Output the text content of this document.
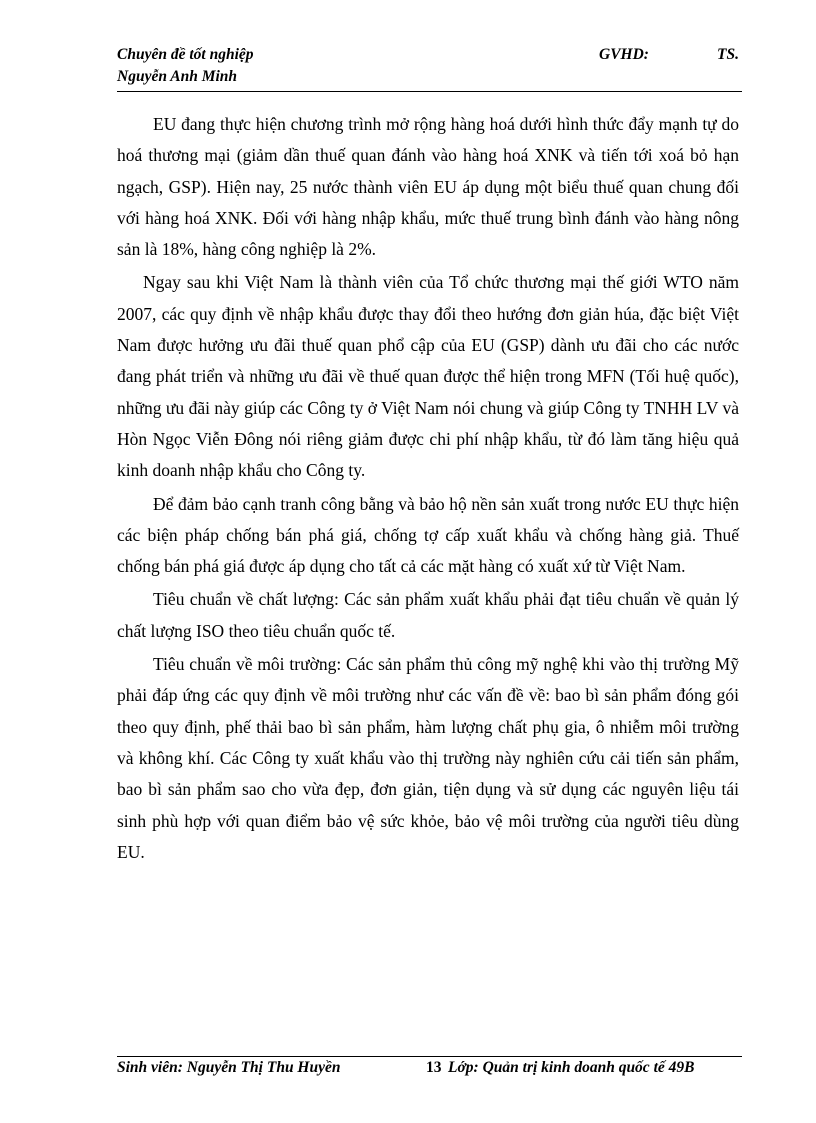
Chuyên đề tốt nghiệp	GVHD:	TS.
Nguyễn Anh Minh

EU đang thực hiện chương trình mở rộng hàng hoá dưới hình thức đẩy mạnh tự do hoá thương mại (giảm dần thuế quan đánh vào hàng hoá XNK và tiến tới xoá bỏ hạn ngạch, GSP). Hiện nay, 25 nước thành viên EU áp dụng một biểu thuế quan chung đối với hàng hoá XNK. Đối với hàng nhập khẩu, mức thuế trung bình đánh vào hàng nông sản là 18%, hàng công nghiệp là 2%.

Ngay sau khi Việt Nam là thành viên của Tổ chức thương mại thế giới WTO năm 2007, các quy định về nhập khẩu được thay đổi theo hướng đơn giản húa, đặc biệt Việt Nam được hưởng ưu đãi thuế quan phổ cập của EU (GSP) dành ưu đãi cho các nước đang phát triển và những ưu đãi về thuế quan được thể hiện trong MFN (Tối huệ quốc), những ưu đãi này giúp các Công ty ở Việt Nam nói chung và giúp Công ty TNHH LV và Hòn Ngọc Viễn Đông nói riêng giảm được chi phí nhập khẩu, từ đó làm tăng hiệu quả kinh doanh nhập khẩu cho Công ty.

Để đảm bảo cạnh tranh công bằng và bảo hộ nền sản xuất trong nước EU thực hiện các biện pháp chống bán phá giá, chống tợ cấp xuất khẩu và chống hàng giả. Thuế chống bán phá giá được áp dụng cho tất cả các mặt hàng có xuất xứ từ Việt Nam.

Tiêu chuẩn về chất lượng: Các sản phẩm xuất khẩu phải đạt tiêu chuẩn về quản lý chất lượng ISO theo tiêu chuẩn quốc tế.

Tiêu chuẩn về môi trường: Các sản phẩm thủ công mỹ nghệ khi vào thị trường Mỹ phải đáp ứng các quy định về môi trường như các vấn đề về: bao bì sản phẩm đóng gói theo quy định, phế thải bao bì sản phẩm, hàm lượng chất phụ gia, ô nhiễm môi trường và không khí. Các Công ty xuất khẩu vào thị trường này nghiên cứu cải tiến sản phẩm, bao bì sản phẩm sao cho vừa đẹp, đơn giản, tiện dụng và sử dụng các nguyên liệu tái sinh phù hợp với quan điểm bảo vệ sức khỏe, bảo vệ môi trường của người tiêu dùng EU.

Sinh viên: Nguyễn Thị Thu Huyền	13 Lớp: Quản trị kinh doanh quốc tế 49B
